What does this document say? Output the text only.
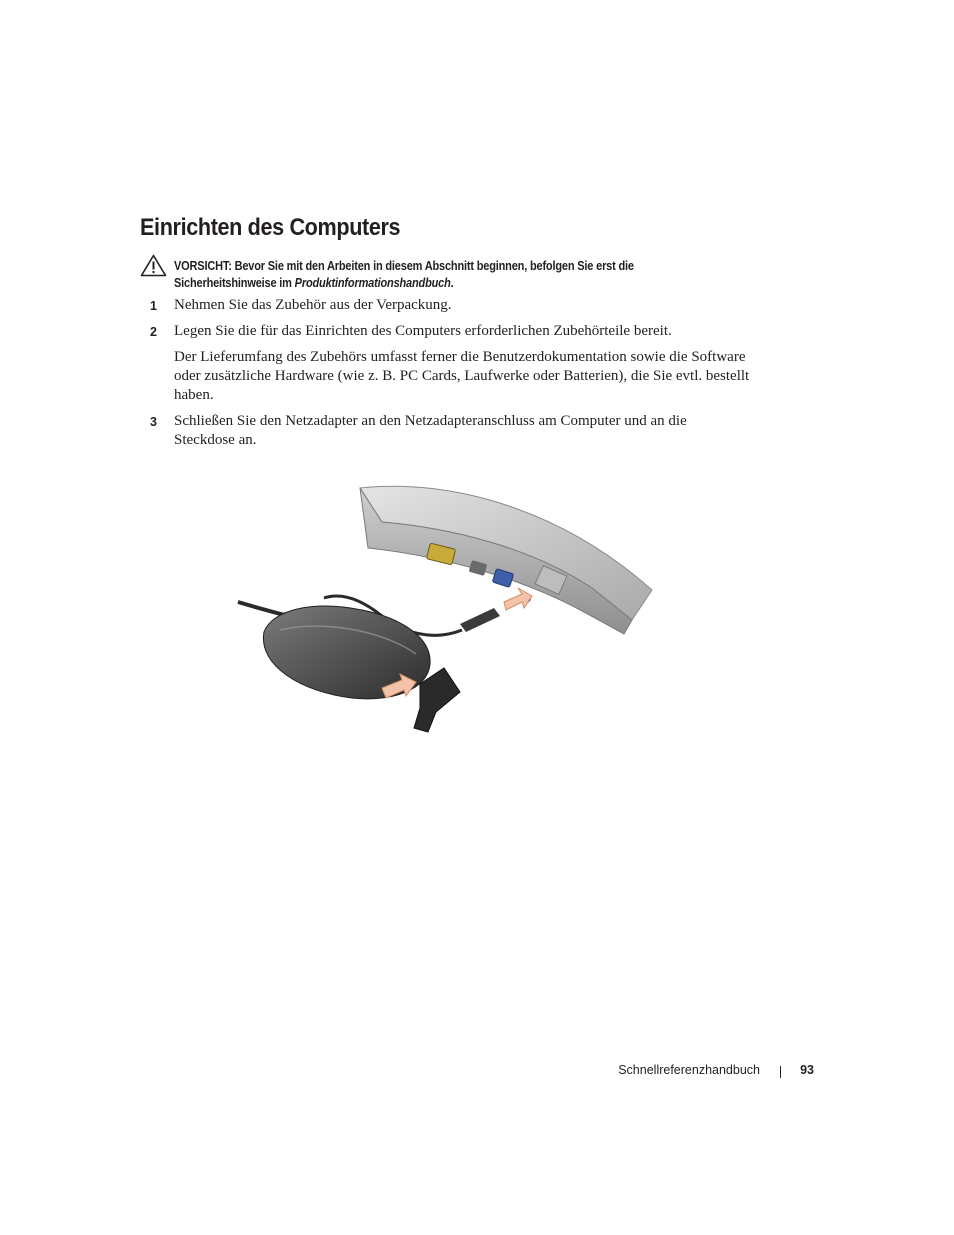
Einrichten des Computers
VORSICHT: Bevor Sie mit den Arbeiten in diesem Abschnitt beginnen, befolgen Sie erst die Sicherheitshinweise im Produktinformationshandbuch.
1 Nehmen Sie das Zubehör aus der Verpackung.

2 Legen Sie die für das Einrichten des Computers erforderlichen Zubehörteile bereit.

Der Lieferumfang des Zubehörs umfasst ferner die Benutzerdokumentation sowie die Software oder zusätzliche Hardware (wie z. B. PC Cards, Laufwerke oder Batterien), die Sie evtl. bestellt haben.

3 Schließen Sie den Netzadapter an den Netzadapteranschluss am Computer und an die Steckdose an.

Schnellreferenzhandbuch	93
